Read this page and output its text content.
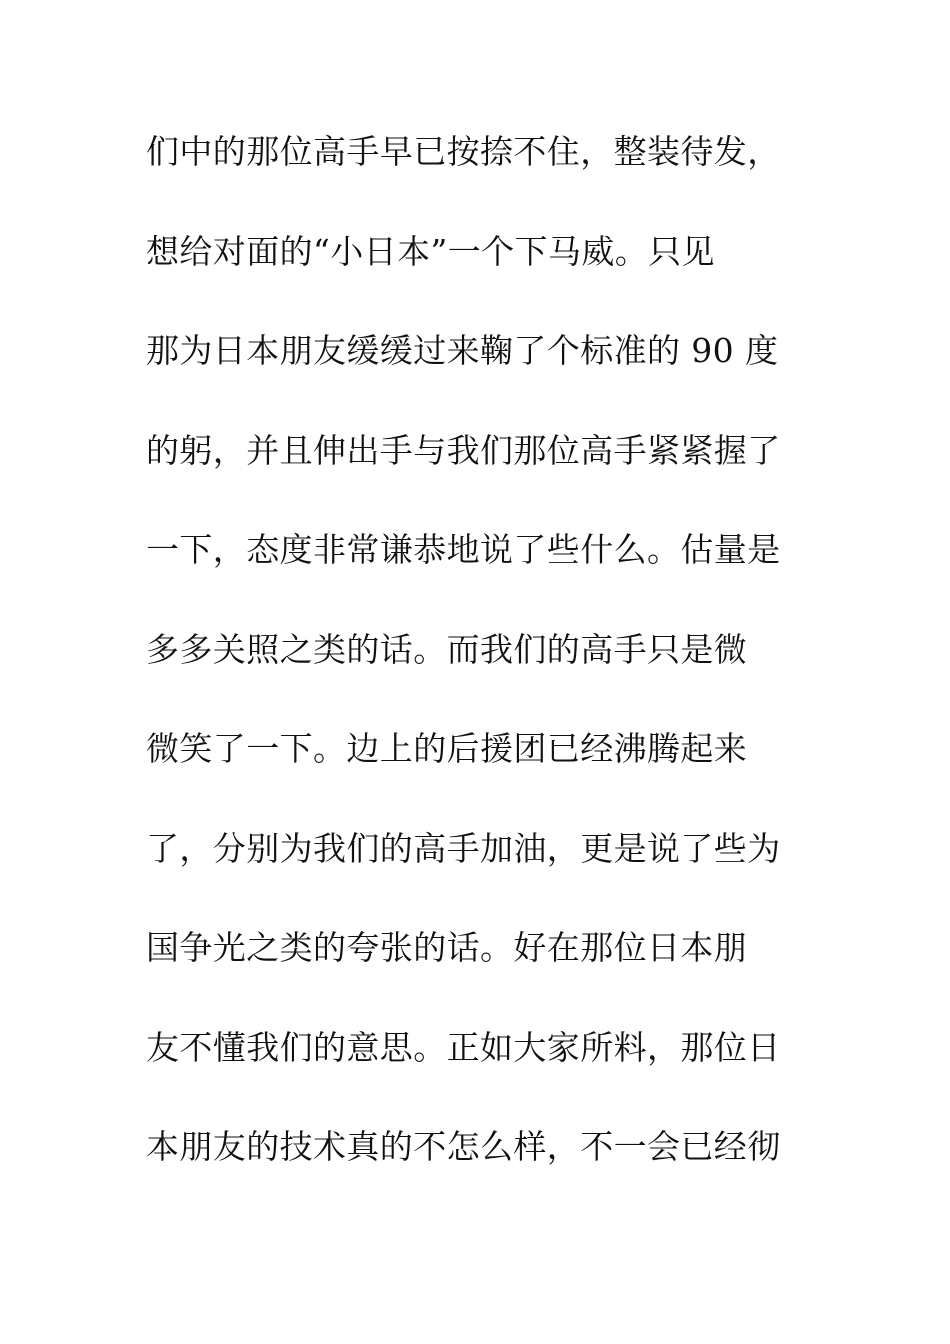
们中的那位高手早已按捺不住，整装待发，
想给对面的“小日本”一个下马威。只见
那为日本朋友缓缓过来鞠了个标准的 90 度
的躬，并且伸出手与我们那位高手紧紧握了
一下，态度非常谦恭地说了些什么。估量是
多多关照之类的话。而我们的高手只是微
微笑了一下。边上的后援团已经沸腾起来
了，分别为我们的高手加油，更是说了些为
国争光之类的夸张的话。好在那位日本朋
友不懂我们的意思。正如大家所料，那位日
本朋友的技术真的不怎么样，不一会已经彻
